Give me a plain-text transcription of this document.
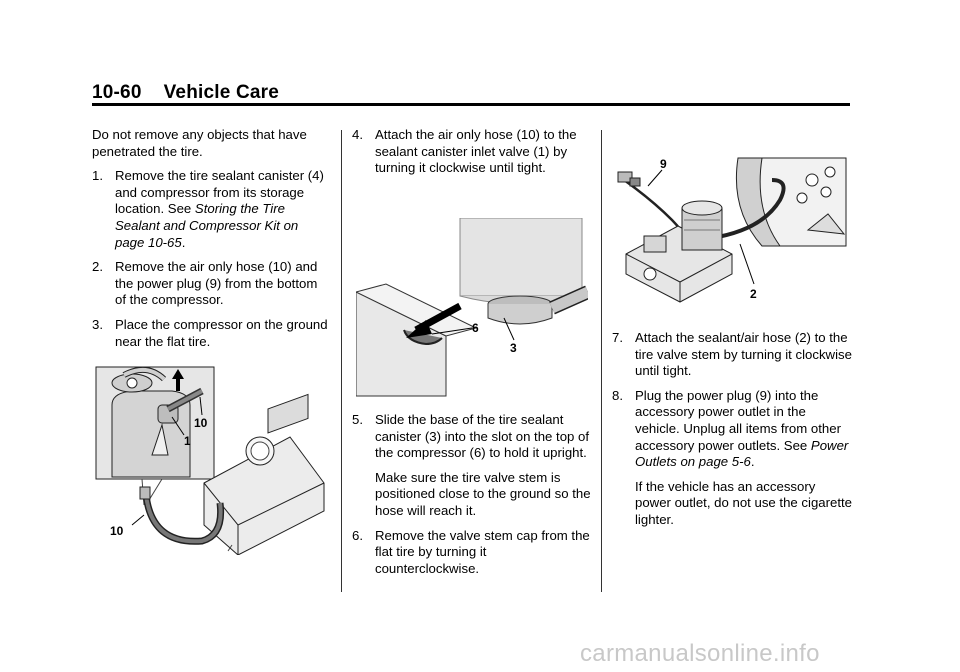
10-60 Vehicle Care

Do not remove any objects that have penetrated the tire.

1. Remove the tire sealant canister (4) and compressor from its storage location. See Storing the Tire Sealant and Compressor Kit on page 10-65.
2. Remove the air only hose (10) and the power plug (9) from the bottom of the compressor.
3. Place the compressor on the ground near the flat tire.
10
1
10
4. Attach the air only hose (10) to the sealant canister inlet valve (1) by turning it clockwise until tight.
6
3
5. Slide the base of the tire sealant canister (3) into the slot on the top of the compressor (6) to hold it upright.

Make sure the tire valve stem is positioned close to the ground so the hose will reach it.

6. Remove the valve stem cap from the flat tire by turning it counterclockwise.
9
2
7. Attach the sealant/air hose (2) to the tire valve stem by turning it clockwise until tight.
8. Plug the power plug (9) into the accessory power outlet in the vehicle. Unplug all items from other accessory power outlets. See Power Outlets on page 5-6.

If the vehicle has an accessory power outlet, do not use the cigarette lighter.

carmanualsonline.info
